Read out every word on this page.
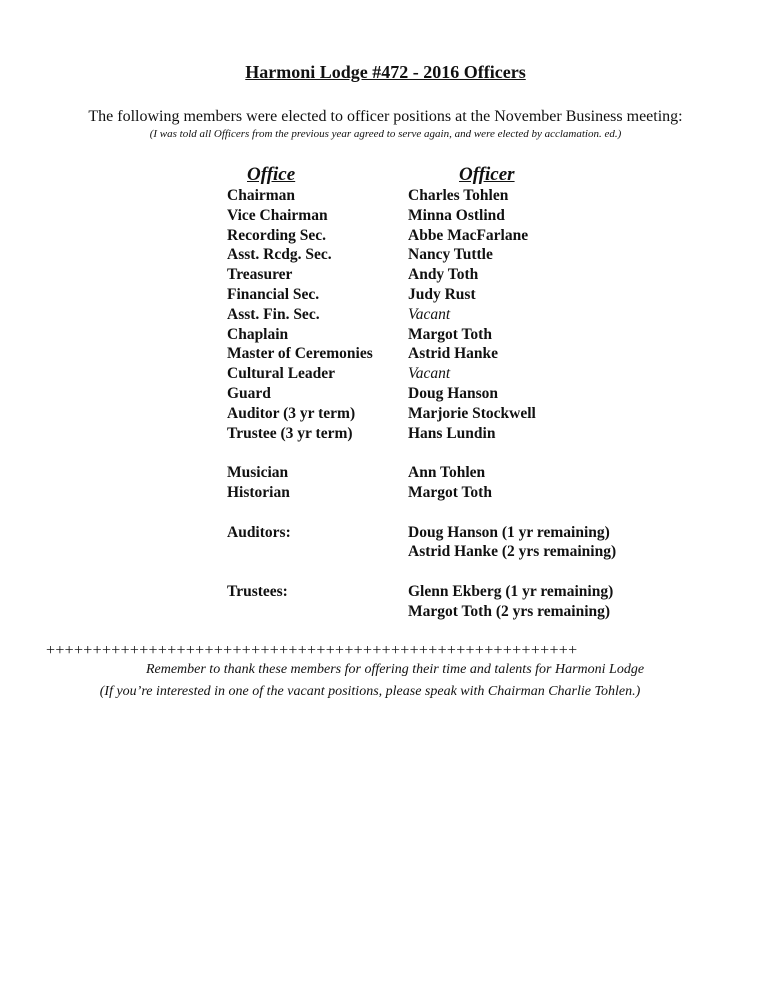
Harmoni Lodge #472 - 2016 Officers
The following members were elected to officer positions at the November Business meeting:
(I was told all Officers from the previous year agreed to serve again, and were elected by acclamation. ed.)
Office	Officer
Chairman	Charles Tohlen
Vice Chairman	Minna Ostlind
Recording Sec.	Abbe MacFarlane
Asst. Rcdg. Sec.	Nancy Tuttle
Treasurer	Andy Toth
Financial Sec.	Judy Rust
Asst. Fin. Sec.	Vacant
Chaplain	Margot Toth
Master of Ceremonies	Astrid Hanke
Cultural Leader	Vacant
Guard	Doug Hanson
Auditor (3 yr term)	Marjorie Stockwell
Trustee (3 yr term)	Hans Lundin
Musician	Ann Tohlen
Historian	Margot Toth
Auditors:	Doug Hanson (1 yr remaining)
Astrid Hanke (2 yrs remaining)
Trustees:	Glenn Ekberg (1 yr remaining)
Margot Toth (2 yrs remaining)
+++++++++++++++++++++++++++++++++++++++++++++++++++++++++
Remember to thank these members for offering their time and talents for Harmoni Lodge
(If you’re interested in one of the vacant positions, please speak with Chairman Charlie Tohlen.)
